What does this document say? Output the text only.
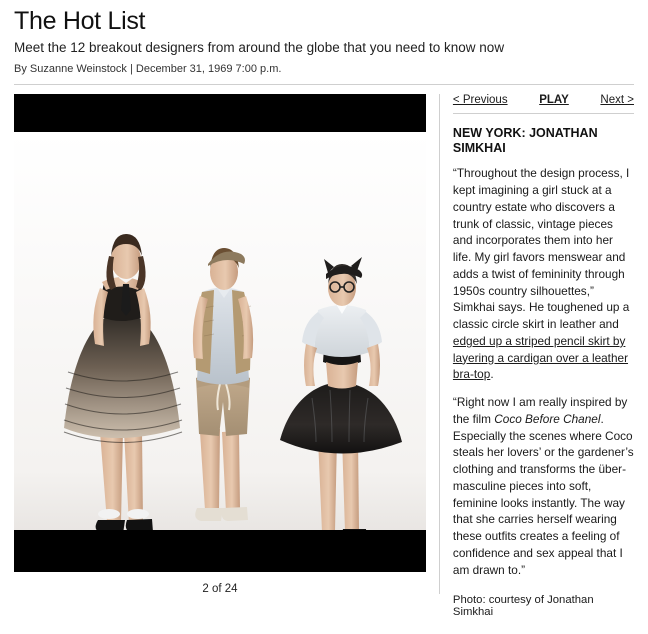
The Hot List

Meet the 12 breakout designers from around the globe that you need to know now

By Suzanne Weinstock | December 31, 1969 7:00 p.m.

2 of 24
< Previous	PLAY	Next >
NEW YORK: JONATHAN SIMKHAI

“Throughout the design process, I kept imagining a girl stuck at a country estate who discovers a trunk of classic, vintage pieces and incorporates them into her life. My girl favors menswear and adds a twist of femininity through 1950s country silhouettes,” Simkhai says. He toughened up a classic circle skirt in leather and edged up a striped pencil skirt by layering a cardigan over a leather bra-top.

“Right now I am really inspired by the film Coco Before Chanel. Especially the scenes where Coco steals her lovers’ or the gardener’s clothing and transforms the über-masculine pieces into soft, feminine looks instantly. The way that she carries herself wearing these outfits creates a feeling of confidence and sex appeal that I am drawn to.”

Photo: courtesy of Jonathan Simkhai
